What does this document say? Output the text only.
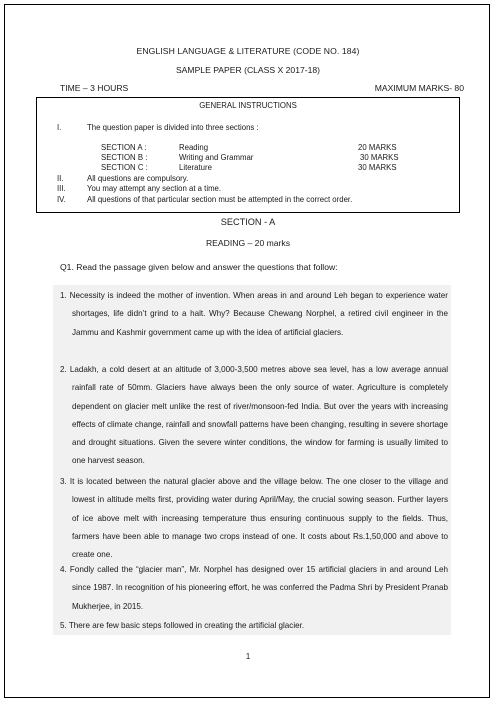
ENGLISH LANGUAGE & LITERATURE (CODE NO. 184)
SAMPLE PAPER (CLASS X 2017-18)
TIME – 3 HOURS	MAXIMUM MARKS- 80
GENERAL INSTRUCTIONS
I.	The question paper is divided into three sections :
SECTION A :	Reading	20 MARKS
SECTION B :	Writing and Grammar	30 MARKS
SECTION C :	Literature	30 MARKS
II.	All questions are compulsory.
III.	You may attempt any section at a time.
IV.	All questions of that particular section must be attempted in the correct order.
SECTION - A
READING – 20 marks
Q1. Read the passage given below and answer the questions that follow:
1. Necessity is indeed the mother of invention. When areas in and around Leh began to experience water shortages, life didn’t grind to a halt. Why? Because Chewang Norphel, a retired civil engineer in the Jammu and Kashmir government came up with the idea of artificial glaciers.
2. Ladakh, a cold desert at an altitude of 3,000-3,500 metres above sea level, has a low average annual rainfall rate of 50mm. Glaciers have always been the only source of water. Agriculture is completely dependent on glacier melt unlike the rest of river/monsoon-fed India. But over the years with increasing effects of climate change, rainfall and snowfall patterns have been changing, resulting in severe shortage and drought situations. Given the severe winter conditions, the window for farming is usually limited to one harvest season.
3. It is located between the natural glacier above and the village below. The one closer to the village and lowest in altitude melts first, providing water during April/May, the crucial sowing season. Further layers of ice above melt with increasing temperature thus ensuring continuous supply to the fields. Thus, farmers have been able to manage two crops instead of one. It costs about Rs.1,50,000 and above to create one.
4. Fondly called the “glacier man”, Mr. Norphel has designed over 15 artificial glaciers in and around Leh since 1987. In recognition of his pioneering effort, he was conferred the Padma Shri by President Pranab Mukherjee, in 2015.
5. There are few basic steps followed in creating the artificial glacier.
1
